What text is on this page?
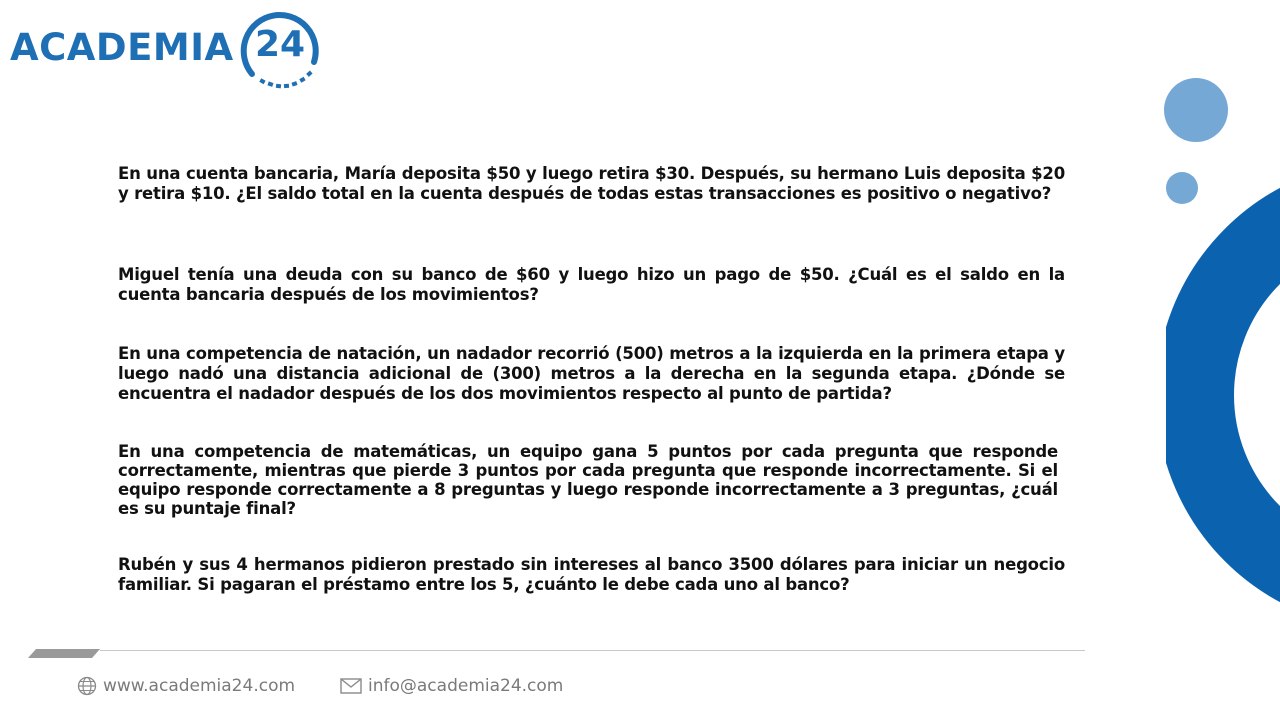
ACADEMIA 24

En una cuenta bancaria, María deposita $50 y luego retira $30. Después, su hermano Luis deposita $20 y retira $10. ¿El saldo total en la cuenta después de todas estas transacciones es positivo o negativo?

Miguel tenía una deuda con su banco de $60 y luego hizo un pago de $50. ¿Cuál es el saldo en la cuenta bancaria después de los movimientos?

En una competencia de natación, un nadador recorrió (500) metros a la izquierda en la primera etapa y luego nadó una distancia adicional de (300) metros a la derecha en la segunda etapa. ¿Dónde se encuentra el nadador después de los dos movimientos respecto al punto de partida?

En una competencia de matemáticas, un equipo gana 5 puntos por cada pregunta que responde correctamente, mientras que pierde 3 puntos por cada pregunta que responde incorrectamente. Si el equipo responde correctamente a 8 preguntas y luego responde incorrectamente a 3 preguntas, ¿cuál es su puntaje final?

Rubén y sus 4 hermanos pidieron prestado sin intereses al banco 3500 dólares para iniciar un negocio familiar. Si pagaran el préstamo entre los 5, ¿cuánto le debe cada uno al banco?

www.academia24.com	info@academia24.com
